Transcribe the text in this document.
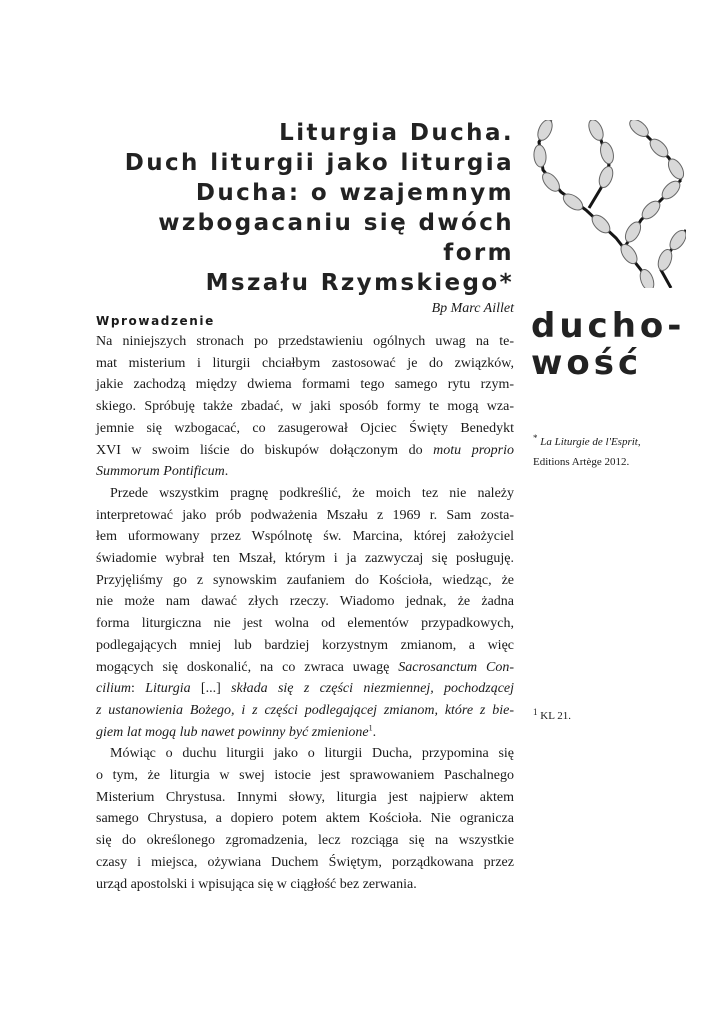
Liturgia Ducha.
Duch liturgii jako liturgia
Ducha: o wzajemnym
wzbogacaniu się dwóch form
Mszału Rzymskiego*
Bp Marc Aillet ducho-
wość
Wprowadzenie

Na niniejszych stronach po przedstawieniu ogólnych uwag na te-
mat misterium i liturgii chciałbym zastosować je do związków,
jakie zachodzą między dwiema formami tego samego rytu rzym-
skiego. Spróbuję także zbadać, w jaki sposób formy te mogą wza-
jemnie się wzbogacać, co zasugerował Ojciec Święty Benedykt
XVI w swoim liście do biskupów dołączonym do motu proprio
Summorum Pontificum.

Przede wszystkim pragnę podkreślić, że moich tez nie należy
interpretować jako prób podważenia Mszału z 1969 r. Sam zosta-
łem uformowany przez Wspólnotę św. Marcina, której założyciel
świadomie wybrał ten Mszał, którym i ja zazwyczaj się posługuję.
Przyjęliśmy go z synowskim zaufaniem do Kościoła, wiedząc, że
nie może nam dawać złych rzeczy. Wiadomo jednak, że żadna
forma liturgiczna nie jest wolna od elementów przypadkowych,
podlegających mniej lub bardziej korzystnym zmianom, a więc
mogących się doskonalić, na co zwraca uwagę Sacrosanctum Con-
cilium: Liturgia [...] składa się z części niezmiennej, pochodzącej
z ustanowienia Bożego, i z części podlegającej zmianom, które z bie-
giem lat mogą lub nawet powinny być zmienione$^1$.

Mówiąc o duchu liturgii jako o liturgii Ducha, przypomina się
o tym, że liturgia w swej istocie jest sprawowaniem Paschalnego
Misterium Chrystusa. Innymi słowy, liturgia jest najpierw aktem
samego Chrystusa, a dopiero potem aktem Kościoła. Nie ogranicza
się do określonego zgromadzenia, lecz rozciąga się na wszystkie
czasy i miejsca, ożywiana Duchem Świętym, porządkowana przez
urząd apostolski i wpisująca się w ciągłość bez zerwania.

* La Liturgie de l'Esprit,
Editions Artège 2012.
$^1$ KL 21.
